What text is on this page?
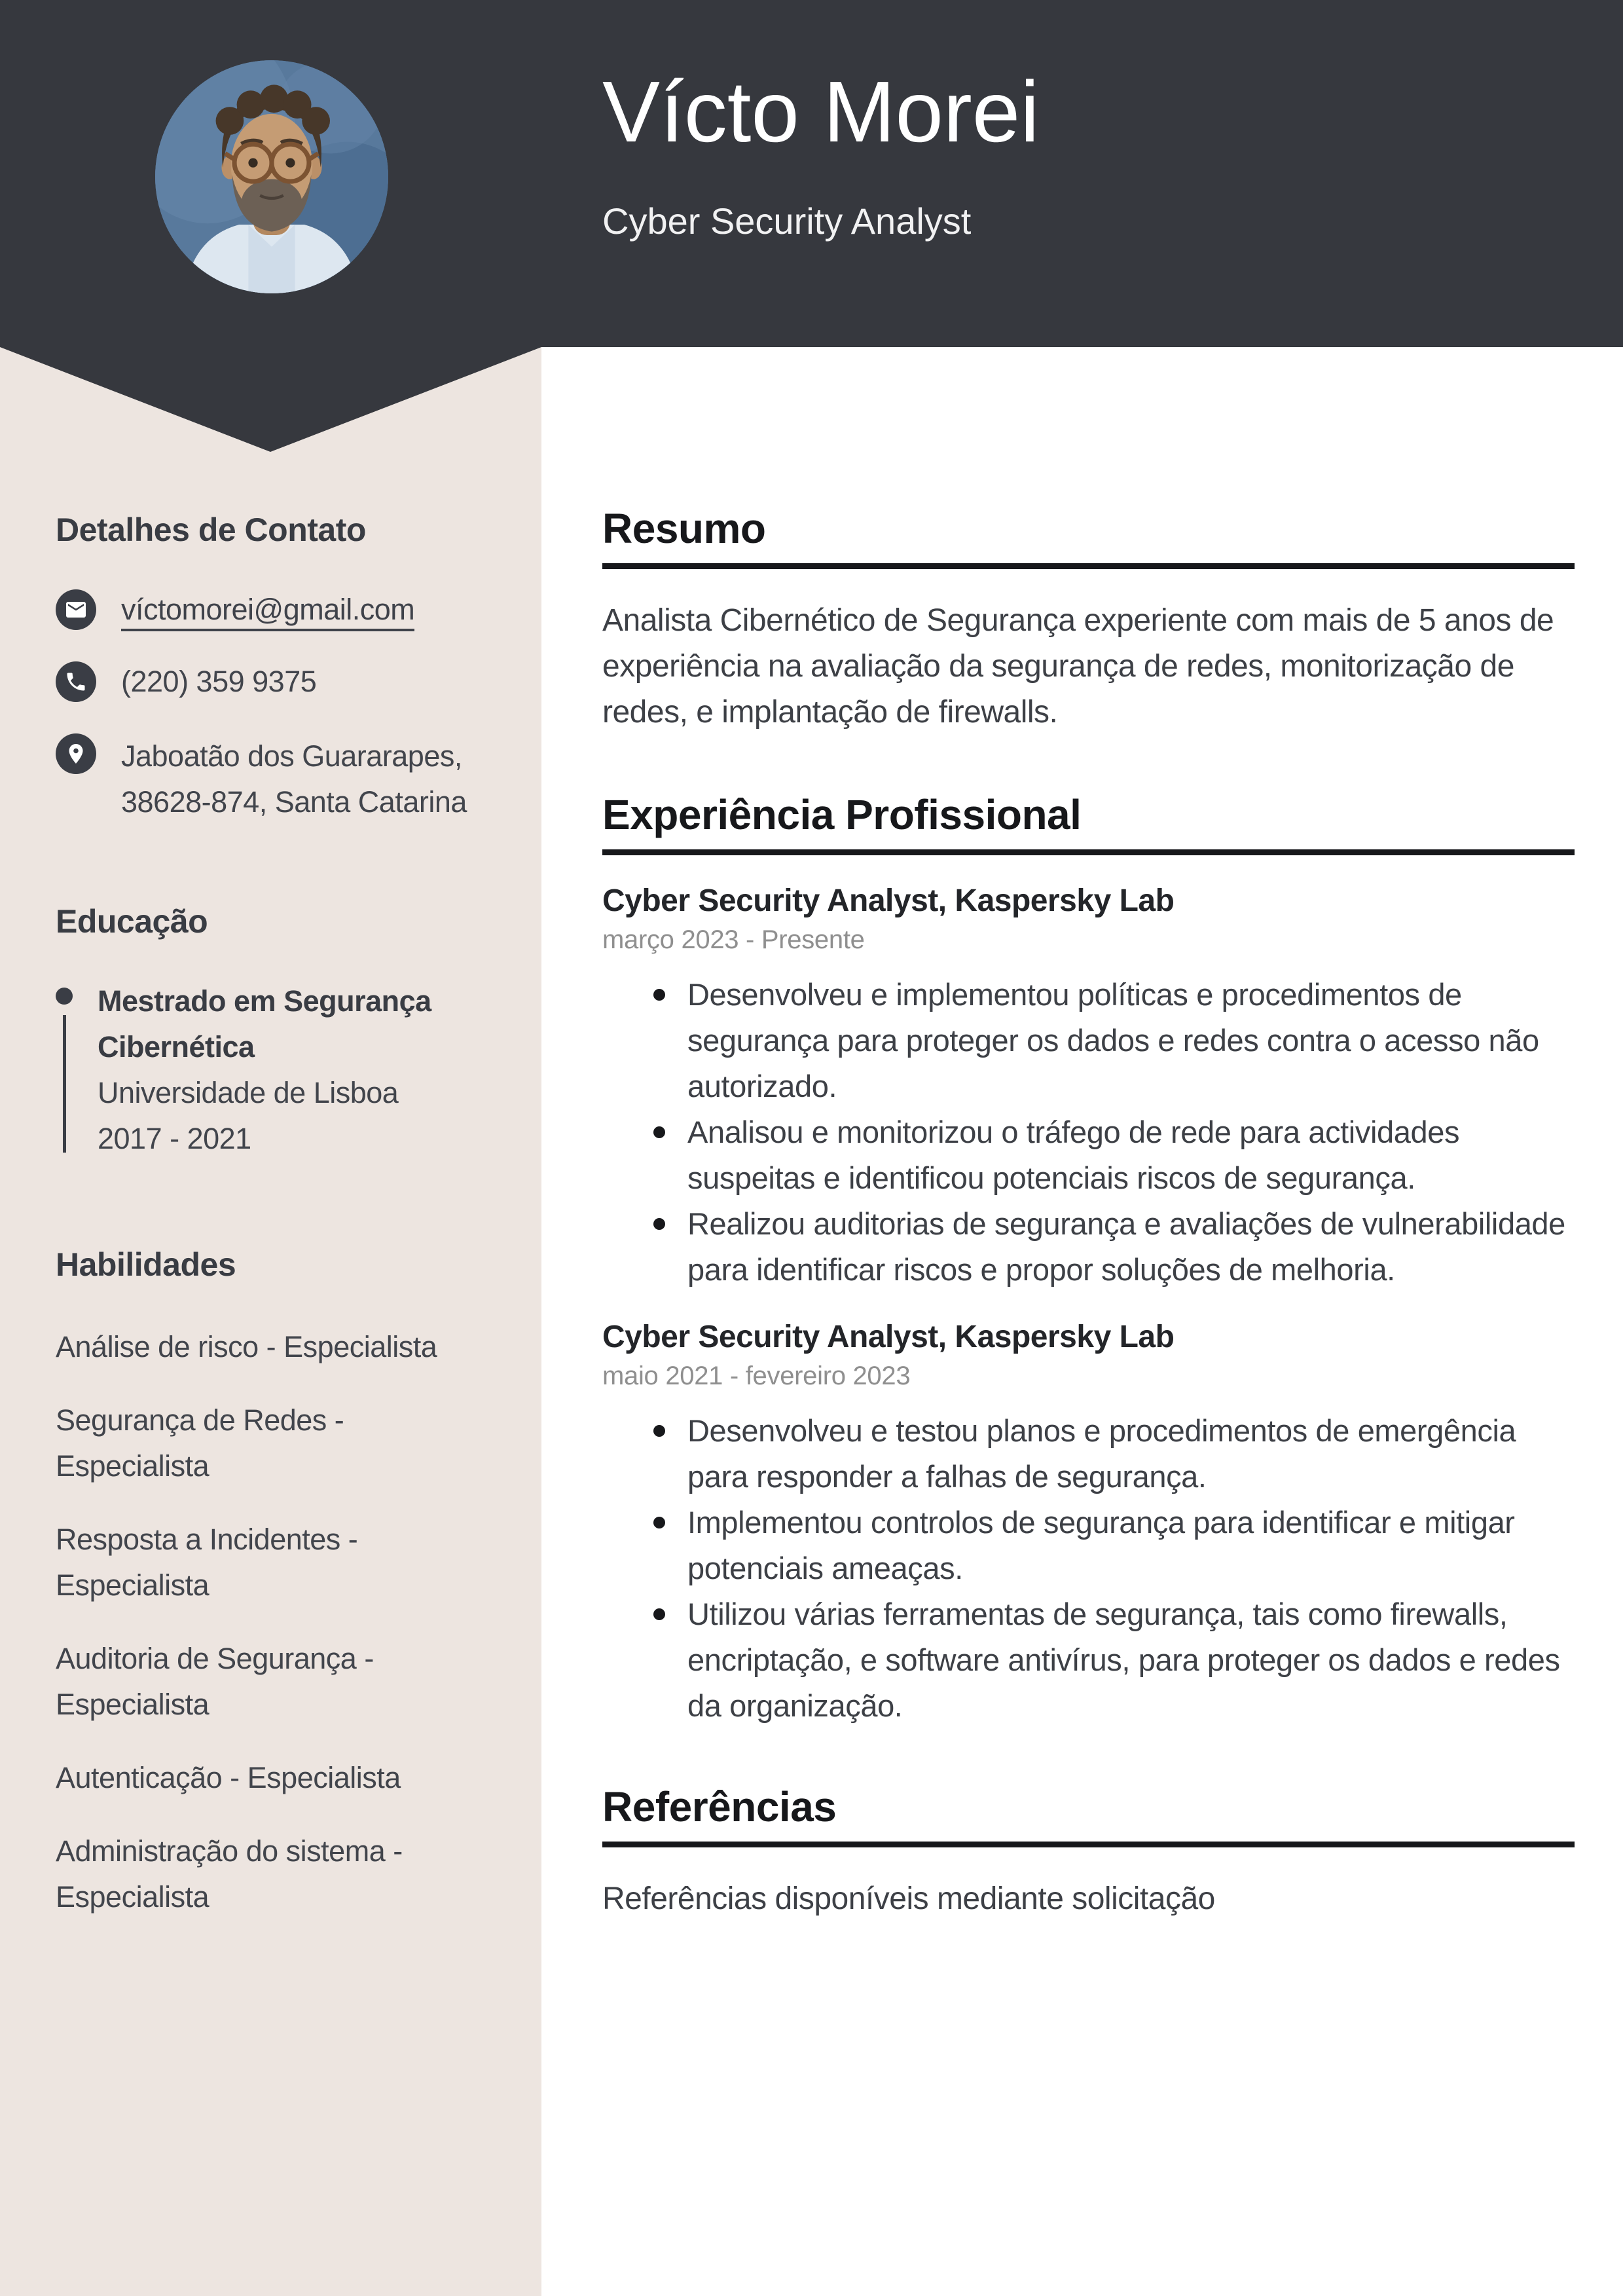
Vícto Morei
Cyber Security Analyst
Detalhes de Contato
víctomorei@gmail.com
(220) 359 9375
Jaboatão dos Guararapes,
38628-874, Santa Catarina
Educação
Mestrado em Segurança Cibernética
Universidade de Lisboa
2017 - 2021
Habilidades
Análise de risco - Especialista
Segurança de Redes - Especialista
Resposta a Incidentes - Especialista
Auditoria de Segurança - Especialista
Autenticação - Especialista
Administração do sistema - Especialista
Resumo

Analista Cibernético de Segurança experiente com mais de 5 anos de experiência na avaliação da segurança de redes, monitorização de redes, e implantação de firewalls.

Experiência Profissional
Cyber Security Analyst, Kaspersky Lab
março 2023 - Presente
Desenvolveu e implementou políticas e procedimentos de segurança para proteger os dados e redes contra o acesso não autorizado.
Analisou e monitorizou o tráfego de rede para actividades suspeitas e identificou potenciais riscos de segurança.
Realizou auditorias de segurança e avaliações de vulnerabilidade para identificar riscos e propor soluções de melhoria.
Cyber Security Analyst, Kaspersky Lab
maio 2021 - fevereiro 2023
Desenvolveu e testou planos e procedimentos de emergência para responder a falhas de segurança.
Implementou controlos de segurança para identificar e mitigar potenciais ameaças.
Utilizou várias ferramentas de segurança, tais como firewalls, encriptação, e software antivírus, para proteger os dados e redes da organização.
Referências

Referências disponíveis mediante solicitação
